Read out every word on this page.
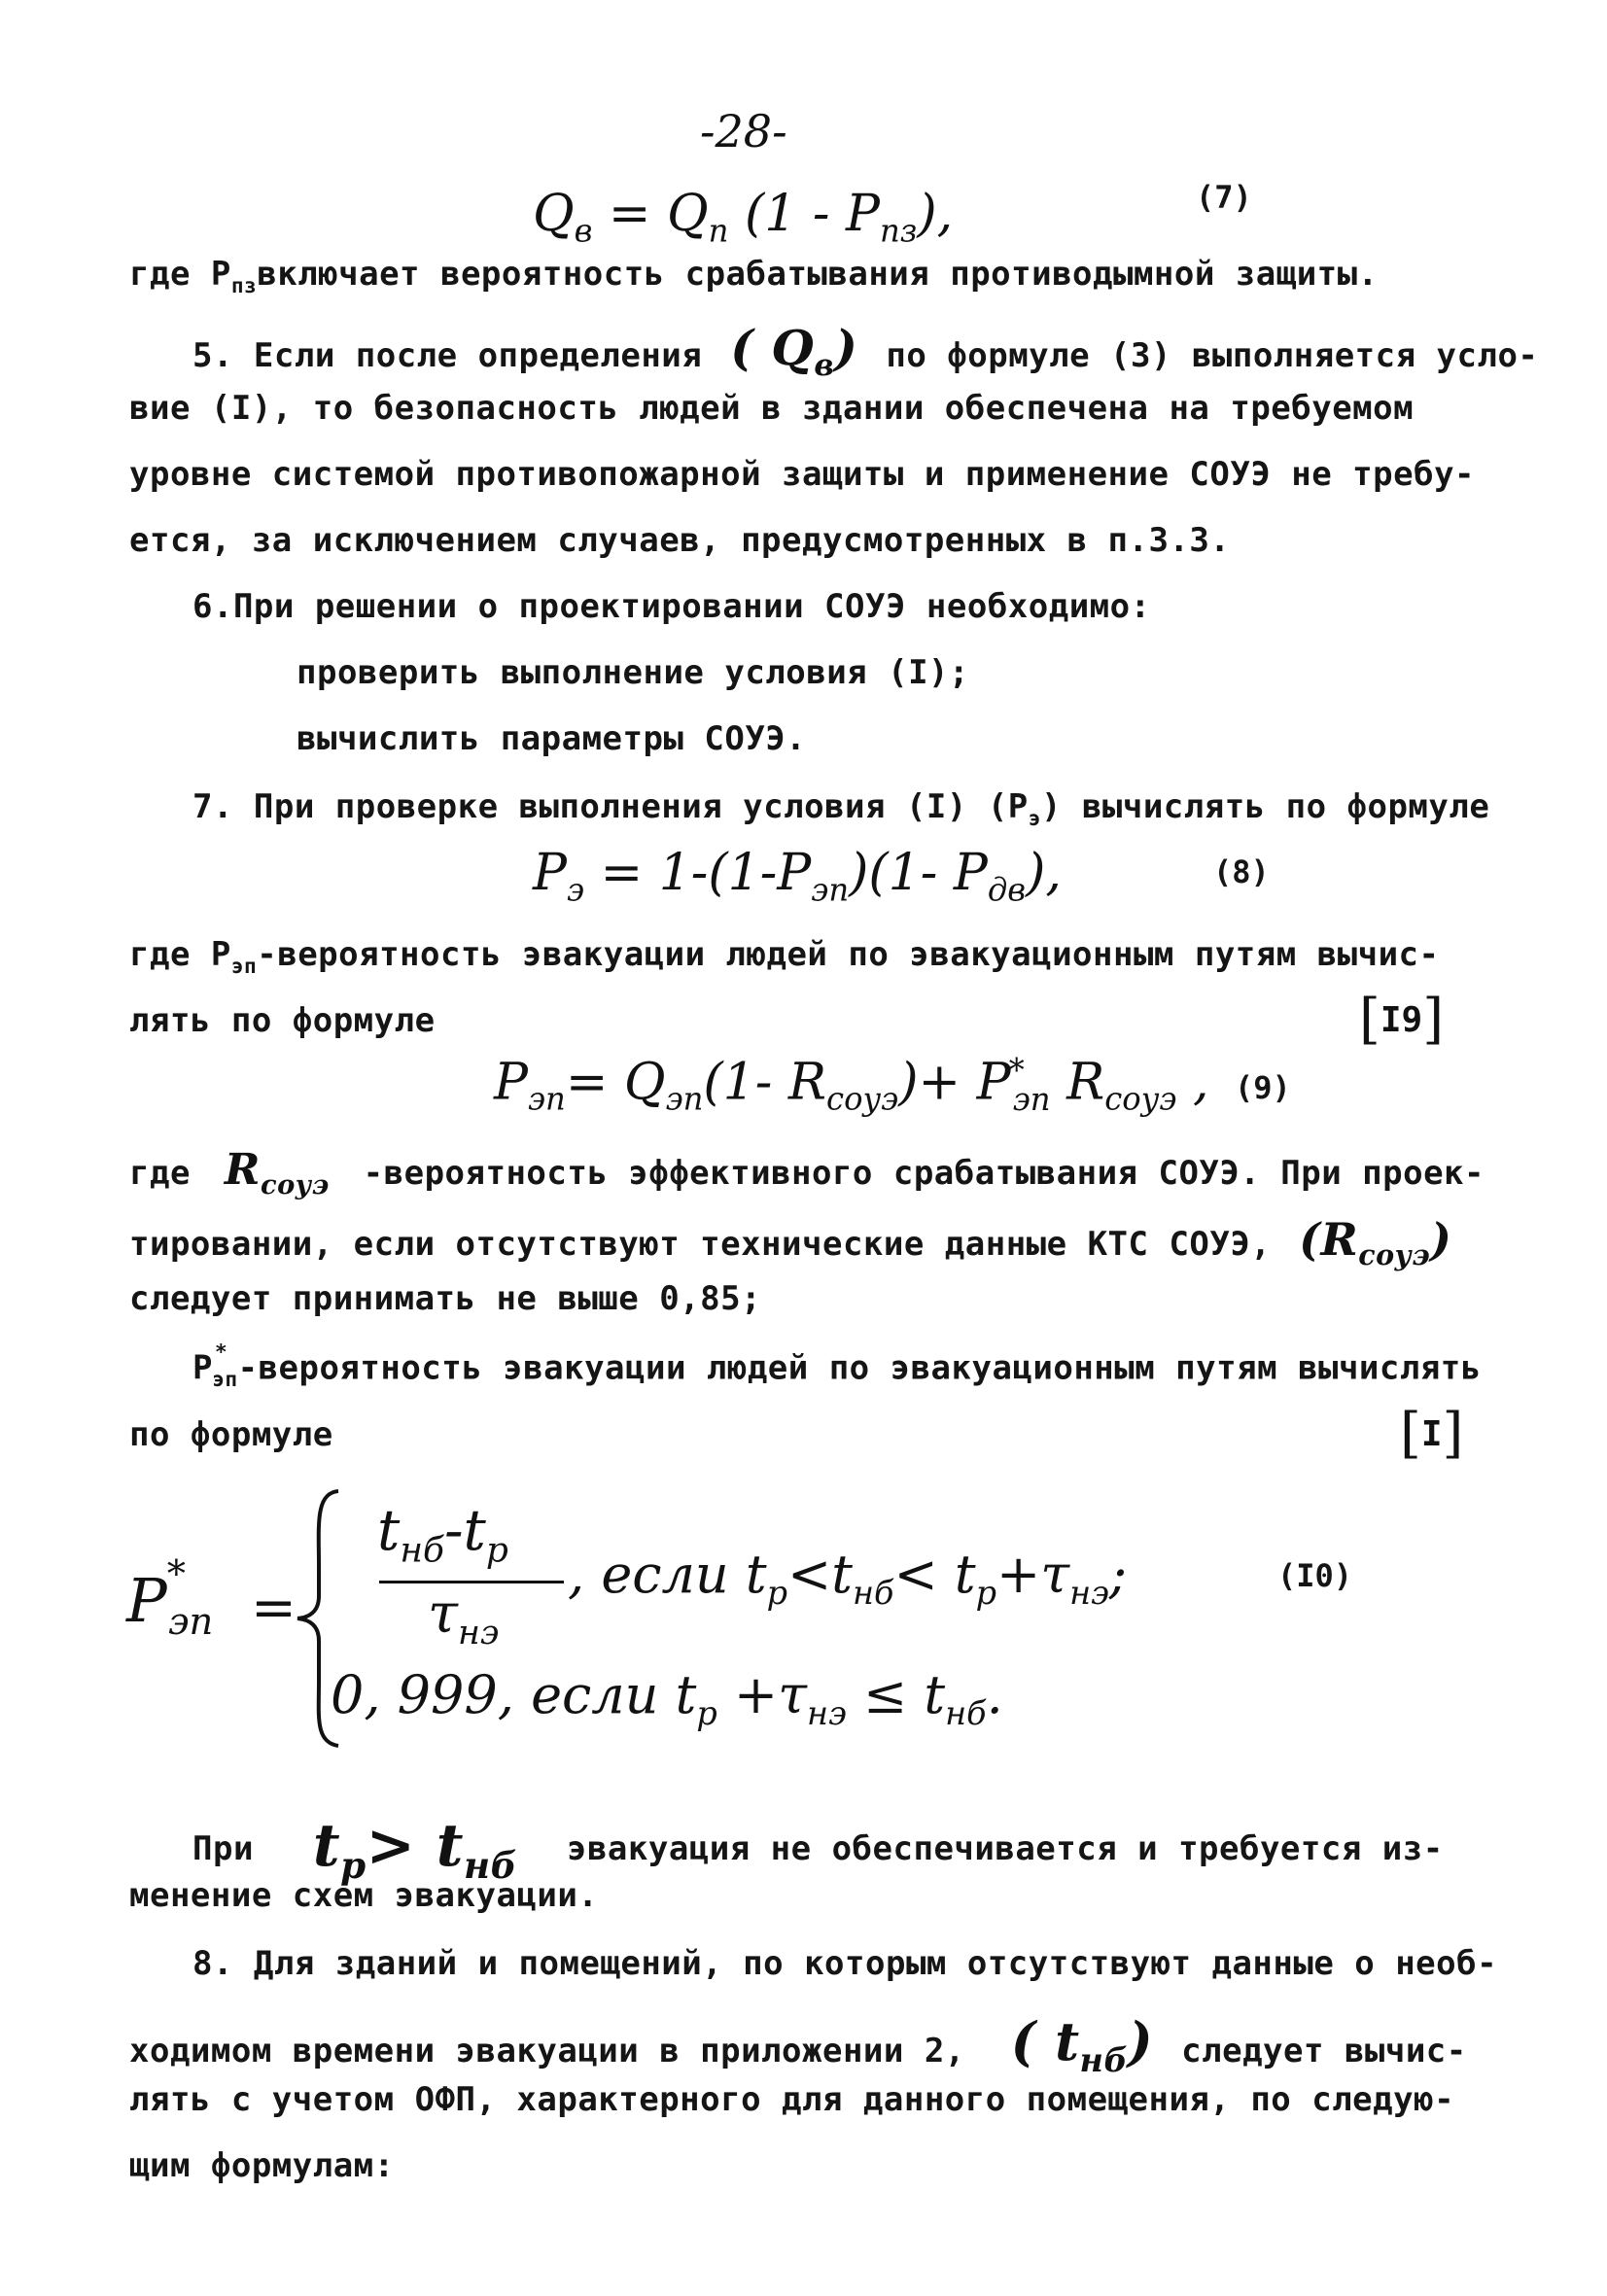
-28-
$Q_в = Q_п$ $(1 - P_{пз})$,	(7)
где $P_{пз}включает$ вероятность срабатывания противодымной защиты.
5. Если после определения ( $Q_в$) по формуле (3) выполняется усло-
вие (I), то безопасность людей в здании обеспечена на требуемом
уровне системой противопожарной защиты и применение СОУЭ не требу-
ется, за исключением случаев, предусмотренных в п.3.3.
6.При решении о проектировании СОУЭ необходимо:
проверить выполнение условия (I);
вычислить параметры СОУЭ.
7. При проверке выполнения условия (I) $(P_э)$ вычислять по формуле
$P_э = 1-(1-P_{эп})(1-$ $P_{дв}$),	(8)
где $P_{эп}$-вероятность эвакуации людей по эвакуационным путям вычис-
лять по формуле	[I9]
$P_{эп}= Q_{эп}(1-$ $R_{соуэ})+ P^*_{эп}$ $R_{соуэ}$ , (9)
где $R_{соуэ}$ -вероятность эффективного срабатывания СОУЭ. При проек-
тировании, если отсутствуют технические данные КТС СОУЭ, $(R_{соуэ})$
следует принимать не выше 0,85;
$P^*_{эп}$-вероятность эвакуации людей по эвакуационным путям вычислять
по формуле	[I]
$P^*_{эп}$ =
$t_{нб}-t_р$
$\tau_{нэ}$
, если $t_р<t_{нб}< t_р+\tau_{нэ}$;	(I0)
0, 999, если $t_р +\tau_{нэ} \le t_{нб}$.
При $t_р> t_{нб}$ эвакуация не обеспечивается и требуется из-
менение схем эвакуации.
8. Для зданий и помещений, по которым отсутствуют данные о необ-
ходимом времени эвакуации в приложении 2, ( $t_{нб}$) следует вычис-
лять с учетом ОФП, характерного для данного помещения, по следую-
щим формулам:
